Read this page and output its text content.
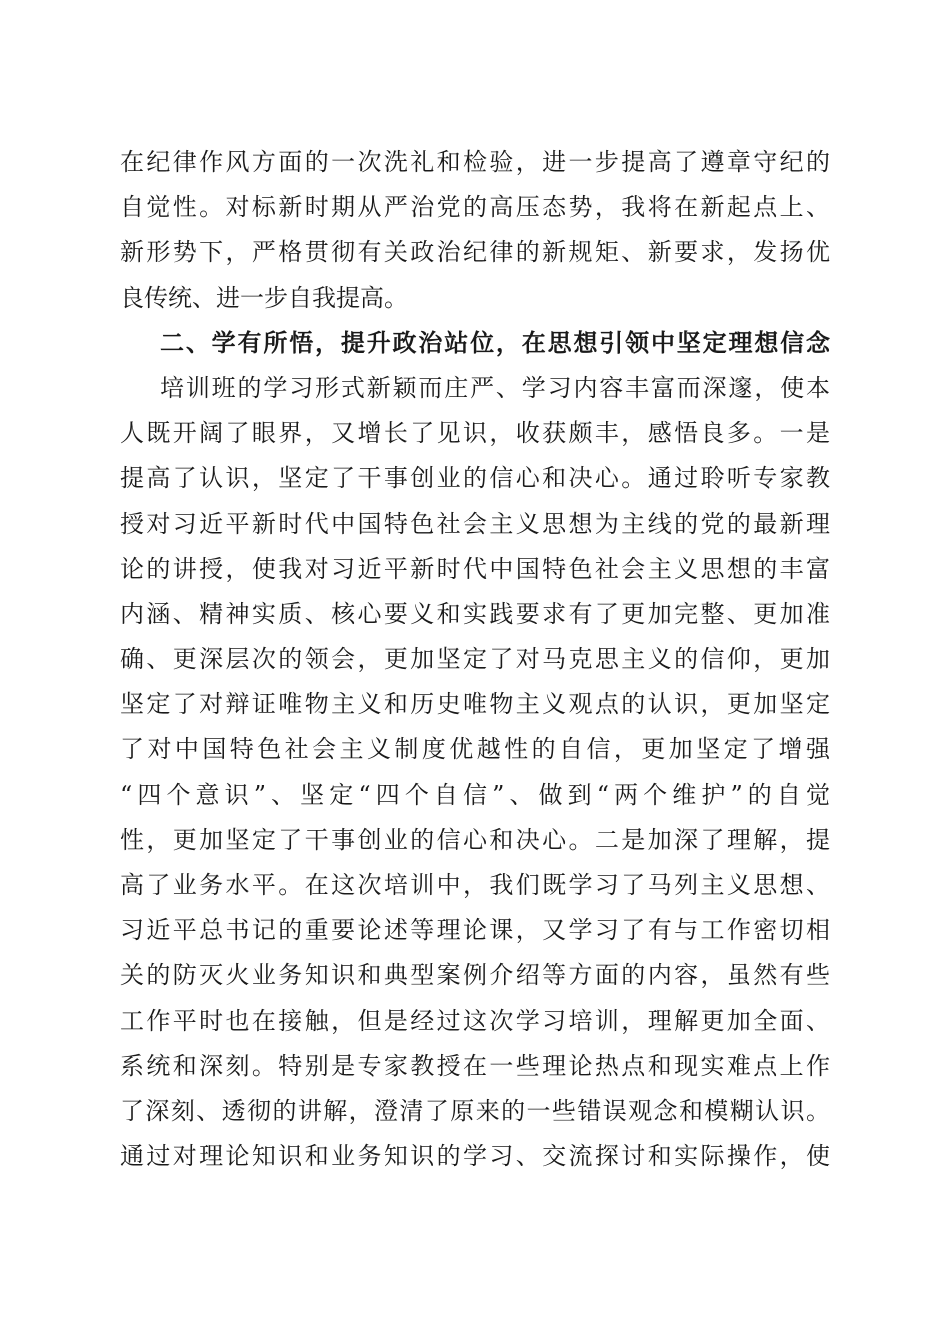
在纪律作风方面的一次洗礼和检验，进一步提高了遵章守纪的
自觉性。对标新时期从严治党的高压态势，我将在新起点上、
新形势下，严格贯彻有关政治纪律的新规矩、新要求，发扬优
良传统、进一步自我提高。
二、学有所悟，提升政治站位，在思想引领中坚定理想信念
培训班的学习形式新颖而庄严、学习内容丰富而深邃，使本
人既开阔了眼界，又增长了见识，收获颇丰，感悟良多。一是
提高了认识，坚定了干事创业的信心和决心。通过聆听专家教
授对习近平新时代中国特色社会主义思想为主线的党的最新理
论的讲授，使我对习近平新时代中国特色社会主义思想的丰富
内涵、精神实质、核心要义和实践要求有了更加完整、更加准
确、更深层次的领会，更加坚定了对马克思主义的信仰，更加
坚定了对辩证唯物主义和历史唯物主义观点的认识，更加坚定
了对中国特色社会主义制度优越性的自信，更加坚定了增强
“四个意识”、坚定“四个自信”、做到“两个维护”的自觉
性，更加坚定了干事创业的信心和决心。二是加深了理解，提
高了业务水平。在这次培训中，我们既学习了马列主义思想、
习近平总书记的重要论述等理论课，又学习了有与工作密切相
关的防灭火业务知识和典型案例介绍等方面的内容，虽然有些
工作平时也在接触，但是经过这次学习培训，理解更加全面、
系统和深刻。特别是专家教授在一些理论热点和现实难点上作
了深刻、透彻的讲解，澄清了原来的一些错误观念和模糊认识。
通过对理论知识和业务知识的学习、交流探讨和实际操作，使
